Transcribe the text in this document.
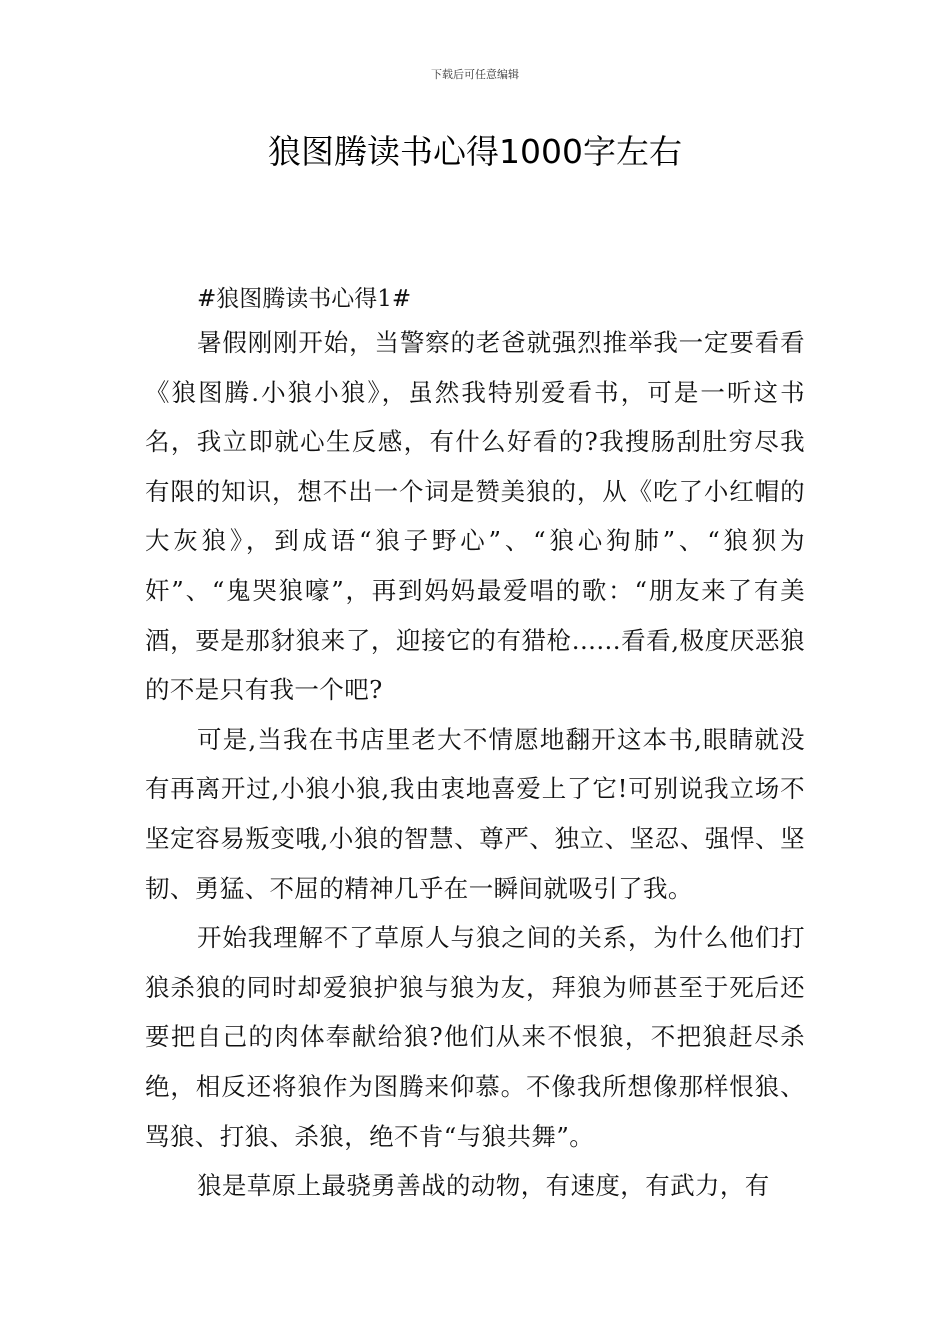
下载后可任意编辑
狼图腾读书心得1000字左右

#狼图腾读书心得1#

暑假刚刚开始，当警察的老爸就强烈推举我一定要看看《狼图腾.小狼小狼》，虽然我特别爱看书，可是一听这书名，我立即就心生反感，有什么好看的?我搜肠刮肚穷尽我有限的知识，想不出一个词是赞美狼的，从《吃了小红帽的大灰狼》，到成语“狼子野心”、“狼心狗肺”、“狼狈为奸”、“鬼哭狼嚎”，再到妈妈最爱唱的歌：“朋友来了有美酒，要是那豺狼来了，迎接它的有猎枪......看看,极度厌恶狼的不是只有我一个吧?

可是,当我在书店里老大不情愿地翻开这本书,眼睛就没有再离开过,小狼小狼,我由衷地喜爱上了它!可别说我立场不坚定容易叛变哦,小狼的智慧、尊严、独立、坚忍、强悍、坚韧、勇猛、不屈的精神几乎在一瞬间就吸引了我。

开始我理解不了草原人与狼之间的关系，为什么他们打狼杀狼的同时却爱狼护狼与狼为友，拜狼为师甚至于死后还要把自己的肉体奉献给狼?他们从来不恨狼，不把狼赶尽杀绝，相反还将狼作为图腾来仰慕。不像我所想像那样恨狼、骂狼、打狼、杀狼，绝不肯“与狼共舞”。

狼是草原上最骁勇善战的动物，有速度，有武力，有
